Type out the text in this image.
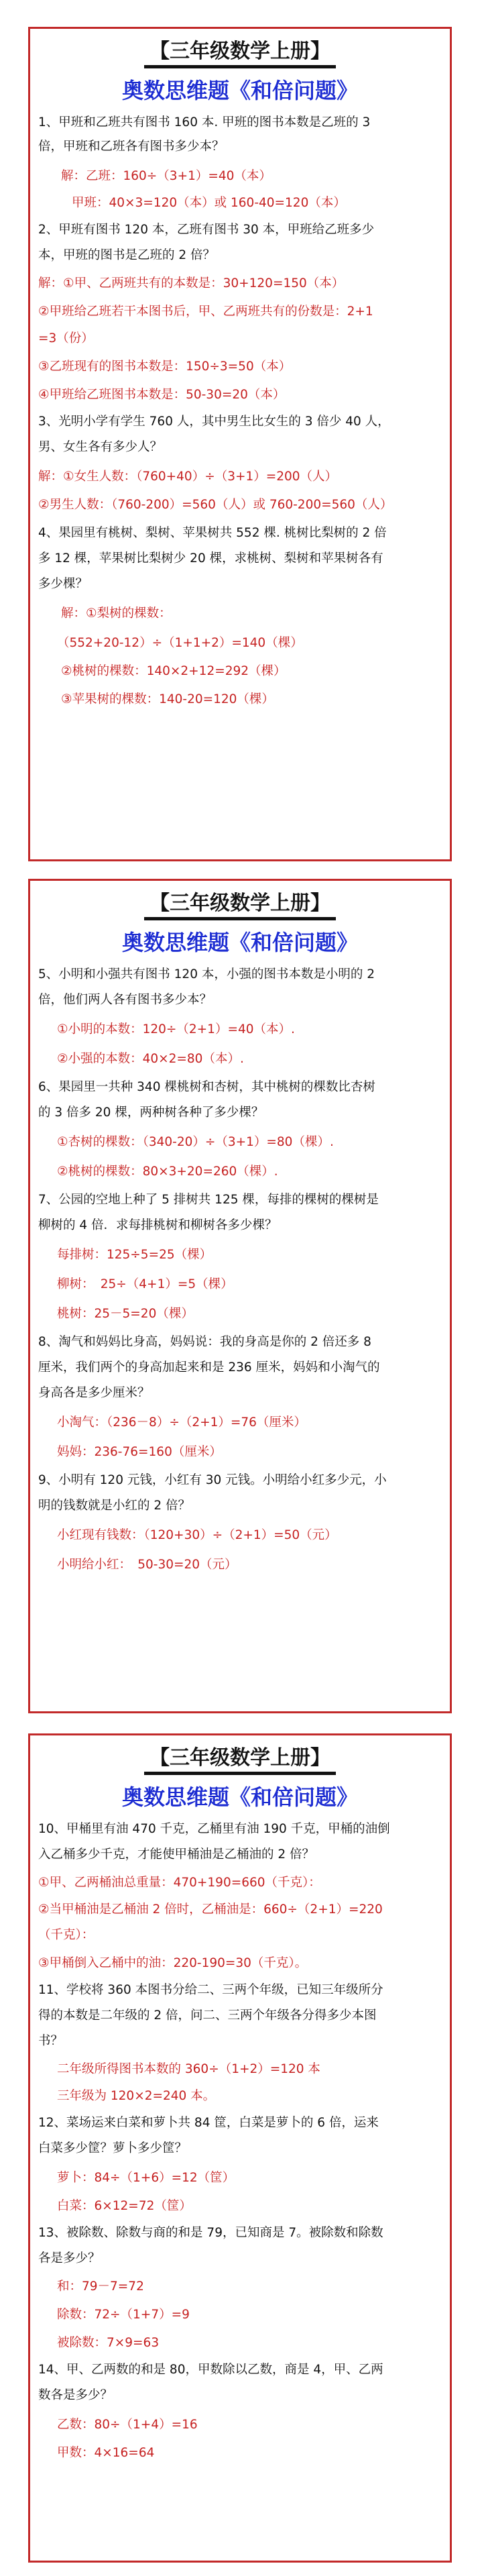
【三年级数学上册】
奥数思维题《和倍问题》
1、甲班和乙班共有图书 160 本. 甲班的图书本数是乙班的 3
倍，甲班和乙班各有图书多少本？
解：乙班：160÷（3+1）=40（本）
甲班：40×3=120（本）或 160-40=120（本）
2、甲班有图书 120 本，乙班有图书 30 本，甲班给乙班多少
本，甲班的图书是乙班的 2 倍？
解：①甲、乙两班共有的本数是：30+120=150（本）
②甲班给乙班若干本图书后，甲、乙两班共有的份数是：2+1
=3（份）
③乙班现有的图书本数是：150÷3=50（本）
④甲班给乙班图书本数是：50-30=20（本）
3、光明小学有学生 760 人，其中男生比女生的 3 倍少 40 人，
男、女生各有多少人？
解：①女生人数：（760+40）÷（3+1）=200（人）
②男生人数：（760-200）=560（人）或 760-200=560（人）
4、果园里有桃树、梨树、苹果树共 552 棵. 桃树比梨树的 2 倍
多 12 棵，苹果树比梨树少 20 棵，求桃树、梨树和苹果树各有
多少棵？
解：①梨树的棵数：
（552+20-12）÷（1+1+2）=140（棵）
②桃树的棵数：140×2+12=292（棵）
③苹果树的棵数：140-20=120（棵）
【三年级数学上册】
奥数思维题《和倍问题》
5、小明和小强共有图书 120 本，小强的图书本数是小明的 2
倍，他们两人各有图书多少本？
①小明的本数：120÷（2+1）=40（本）.
②小强的本数：40×2=80（本）.
6、果园里一共种 340 棵桃树和杏树，其中桃树的棵数比杏树
的 3 倍多 20 棵，两种树各种了多少棵？
①杏树的棵数：（340-20）÷（3+1）=80（棵）.
②桃树的棵数：80×3+20=260（棵）.
7、公园的空地上种了 5 排树共 125 棵，每排的棵树的棵树是
柳树的 4 倍．求每排桃树和柳树各多少棵？
每排树：125÷5=25（棵）
柳树：　25÷（4+1）=5（棵）
桃树：25－5=20（棵）
8、淘气和妈妈比身高，妈妈说：我的身高是你的 2 倍还多 8
厘米，我们两个的身高加起来和是 236 厘米，妈妈和小淘气的
身高各是多少厘米？
小淘气：（236－8）÷（2+1）=76（厘米）
妈妈：236-76=160（厘米）
9、小明有 120 元钱，小红有 30 元钱。小明给小红多少元，小
明的钱数就是小红的 2 倍？
小红现有钱数：（120+30）÷（2+1）=50（元）
小明给小红：　50-30=20（元）
【三年级数学上册】
奥数思维题《和倍问题》
10、甲桶里有油 470 千克，乙桶里有油 190 千克，甲桶的油倒
入乙桶多少千克，才能使甲桶油是乙桶油的 2 倍？
①甲、乙两桶油总重量：470+190=660（千克）：
②当甲桶油是乙桶油 2 倍时，乙桶油是：660÷（2+1）=220
（千克）：
③甲桶倒入乙桶中的油：220-190=30（千克）。
11、学校将 360 本图书分给二、三两个年级，已知三年级所分
得的本数是二年级的 2 倍，问二、三两个年级各分得多少本图
书？
二年级所得图书本数的 360÷（1+2）=120 本
三年级为 120×2=240 本。
12、菜场运来白菜和萝卜共 84 筐，白菜是萝卜的 6 倍，运来
白菜多少筐？萝卜多少筐？
萝卜：84÷（1+6）=12（筐）
白菜：6×12=72（筐）
13、被除数、除数与商的和是 79，已知商是 7。被除数和除数
各是多少？
和：79－7=72
除数：72÷（1+7）=9
被除数：7×9=63
14、甲、乙两数的和是 80，甲数除以乙数，商是 4，甲、乙两
数各是多少？
乙数：80÷（1+4）=16
甲数：4×16=64
